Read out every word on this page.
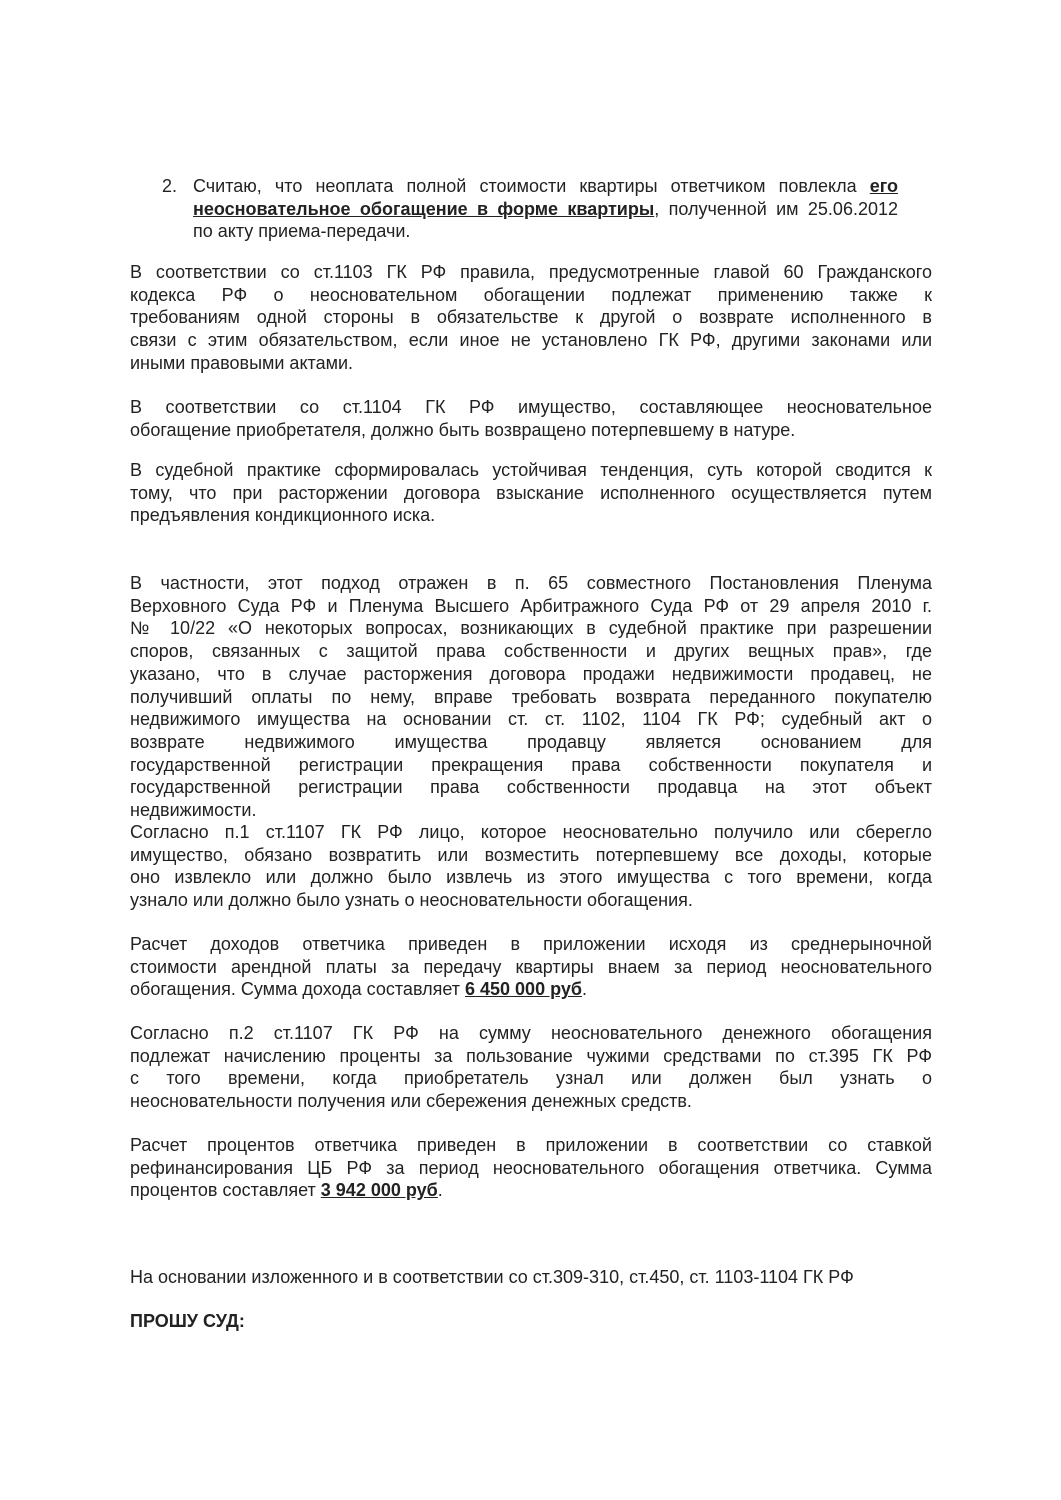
2. Считаю, что неоплата полной стоимости квартиры ответчиком повлекла его
неосновательное обогащение в форме квартиры, полученной им 25.06.2012
по акту приема-передачи.
В соответствии со ст.1103 ГК РФ правила, предусмотренные главой 60 Гражданского
кодекса РФ о неосновательном обогащении подлежат применению также к
требованиям одной стороны в обязательстве к другой о возврате исполненного в
связи с этим обязательством, если иное не установлено ГК РФ, другими законами или
иными правовыми актами.
В соответствии со ст.1104 ГК РФ имущество, составляющее неосновательное
обогащение приобретателя, должно быть возвращено потерпевшему в натуре.
В судебной практике сформировалась устойчивая тенденция, суть которой сводится к
тому, что при расторжении договора взыскание исполненного осуществляется путем
предъявления кондикционного иска.
В частности, этот подход отражен в п. 65 совместного Постановления Пленума
Верховного Суда РФ и Пленума Высшего Арбитражного Суда РФ от 29 апреля 2010 г.
№ 10/22 «О некоторых вопросах, возникающих в судебной практике при разрешении
споров, связанных с защитой права собственности и других вещных прав», где
указано, что в случае расторжения договора продажи недвижимости продавец, не
получивший оплаты по нему, вправе требовать возврата переданного покупателю
недвижимого имущества на основании ст. ст. 1102, 1104 ГК РФ; судебный акт о
возврате недвижимого имущества продавцу является основанием для
государственной регистрации прекращения права собственности покупателя и
государственной регистрации права собственности продавца на этот объект
недвижимости.
Согласно п.1 ст.1107 ГК РФ лицо, которое неосновательно получило или сберегло
имущество, обязано возвратить или возместить потерпевшему все доходы, которые
оно извлекло или должно было извлечь из этого имущества с того времени, когда
узнало или должно было узнать о неосновательности обогащения.
Расчет доходов ответчика приведен в приложении исходя из среднерыночной
стоимости арендной платы за передачу квартиры внаем за период неосновательного
обогащения. Сумма дохода составляет 6 450 000 руб.
Согласно п.2 ст.1107 ГК РФ на сумму неосновательного денежного обогащения
подлежат начислению проценты за пользование чужими средствами по ст.395 ГК РФ
с того времени, когда приобретатель узнал или должен был узнать о
неосновательности получения или сбережения денежных средств.
Расчет процентов ответчика приведен в приложении в соответствии со ставкой
рефинансирования ЦБ РФ за период неосновательного обогащения ответчика. Сумма
процентов составляет 3 942 000 руб.
На основании изложенного и в соответствии со ст.309-310, ст.450, ст. 1103-1104 ГК РФ
ПРОШУ СУД:
